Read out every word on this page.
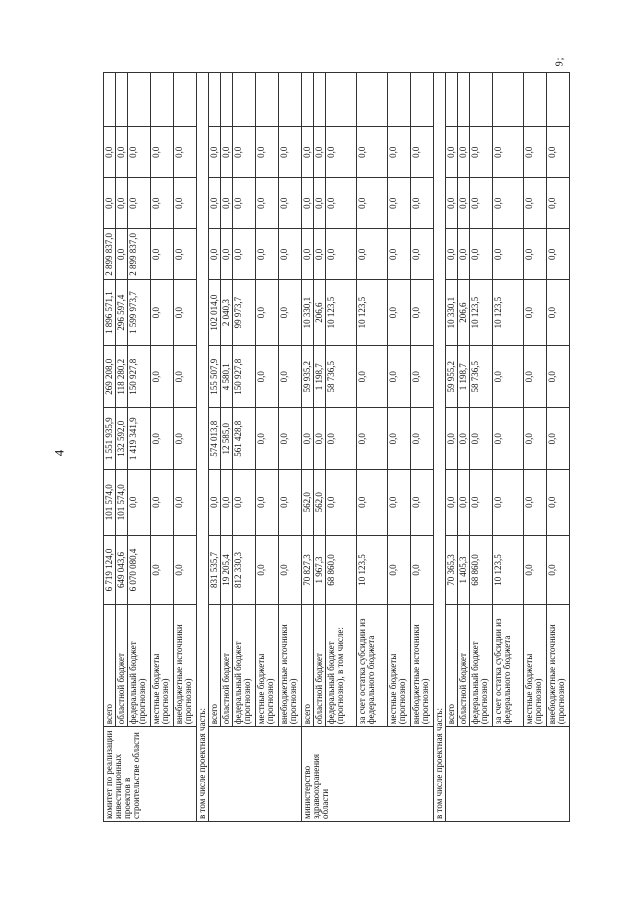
4
9;
комитет по реализации инвестиционных проектов в строительстве области	всего	6 719 124,0	101 574,0	1 551 935,9	269 208,0	1 896 571,1	2 899 837,0	0,0	0,0	
	областной бюджет	649 043,6	101 574,0	132 592,0	118 280,2	296 597,4	0,0	0,0	0,0	
	федеральный бюджет (прогнозно)	6 070 080,4	0,0	1 419 341,9	150 927,8	1 599 973,7	2 899 837,0	0,0	0,0	
	местные бюджеты (прогнозно)	0,0	0,0	0,0	0,0	0,0	0,0	0,0	0,0	
	внебюджетные источники (прогнозно)	0,0	0,0	0,0	0,0	0,0	0,0	0,0	0,0	
в том числе проектная часть:										
	всего	831 535,7	0,0	574 013,8	155 507,9	102 014,0	0,0	0,0	0,0	
	областной бюджет	19 205,4	0,0	12 585,0	4 580,1	2 040,3	0,0	0,0	0,0	
	федеральный бюджет (прогнозно)	812 330,3	0,0	561 428,8	150 927,8	99 973,7	0,0	0,0	0,0	
	местные бюджеты (прогнозно)	0,0	0,0	0,0	0,0	0,0	0,0	0,0	0,0	
	внебюджетные источники (прогнозно)	0,0	0,0	0,0	0,0	0,0	0,0	0,0	0,0	
министерство здравоохранения области	всего	70 827,3	562,0	0,0	59 935,2	10 330,1	0,0	0,0	0,0	
	областной бюджет	1 967,3	562,0	0,0	1 198,7	206,6	0,0	0,0	0,0	
	федеральный бюджет (прогнозно), в том числе:	68 860,0	0,0	0,0	58 736,5	10 123,5	0,0	0,0	0,0	
	за счет остатка субсидии из федерального бюджета	10 123,5	0,0	0,0	0,0	10 123,5	0,0	0,0	0,0	
	местные бюджеты (прогнозно)	0,0	0,0	0,0	0,0	0,0	0,0	0,0	0,0	
	внебюджетные источники (прогнозно)	0,0	0,0	0,0	0,0	0,0	0,0	0,0	0,0	
в том числе проектная часть:										
	всего	70 365,3	0,0	0,0	59 955,2	10 330,1	0,0	0,0	0,0	
	областной бюджет	1 405,3	0,0	0,0	1 198,7	206,6	0,0	0,0	0,0	
	федеральный бюджет (прогнозно)	68 860,0	0,0	0,0	58 736,5	10 123,5	0,0	0,0	0,0	
	за счет остатка субсидии из федерального бюджета	10 123,5	0,0	0,0	0,0	10 123,5	0,0	0,0	0,0	
	местные бюджеты (прогнозно)	0,0	0,0	0,0	0,0	0,0	0,0	0,0	0,0	
	внебюджетные источники (прогнозно)	0,0	0,0	0,0	0,0	0,0	0,0	0,0	0,0	
